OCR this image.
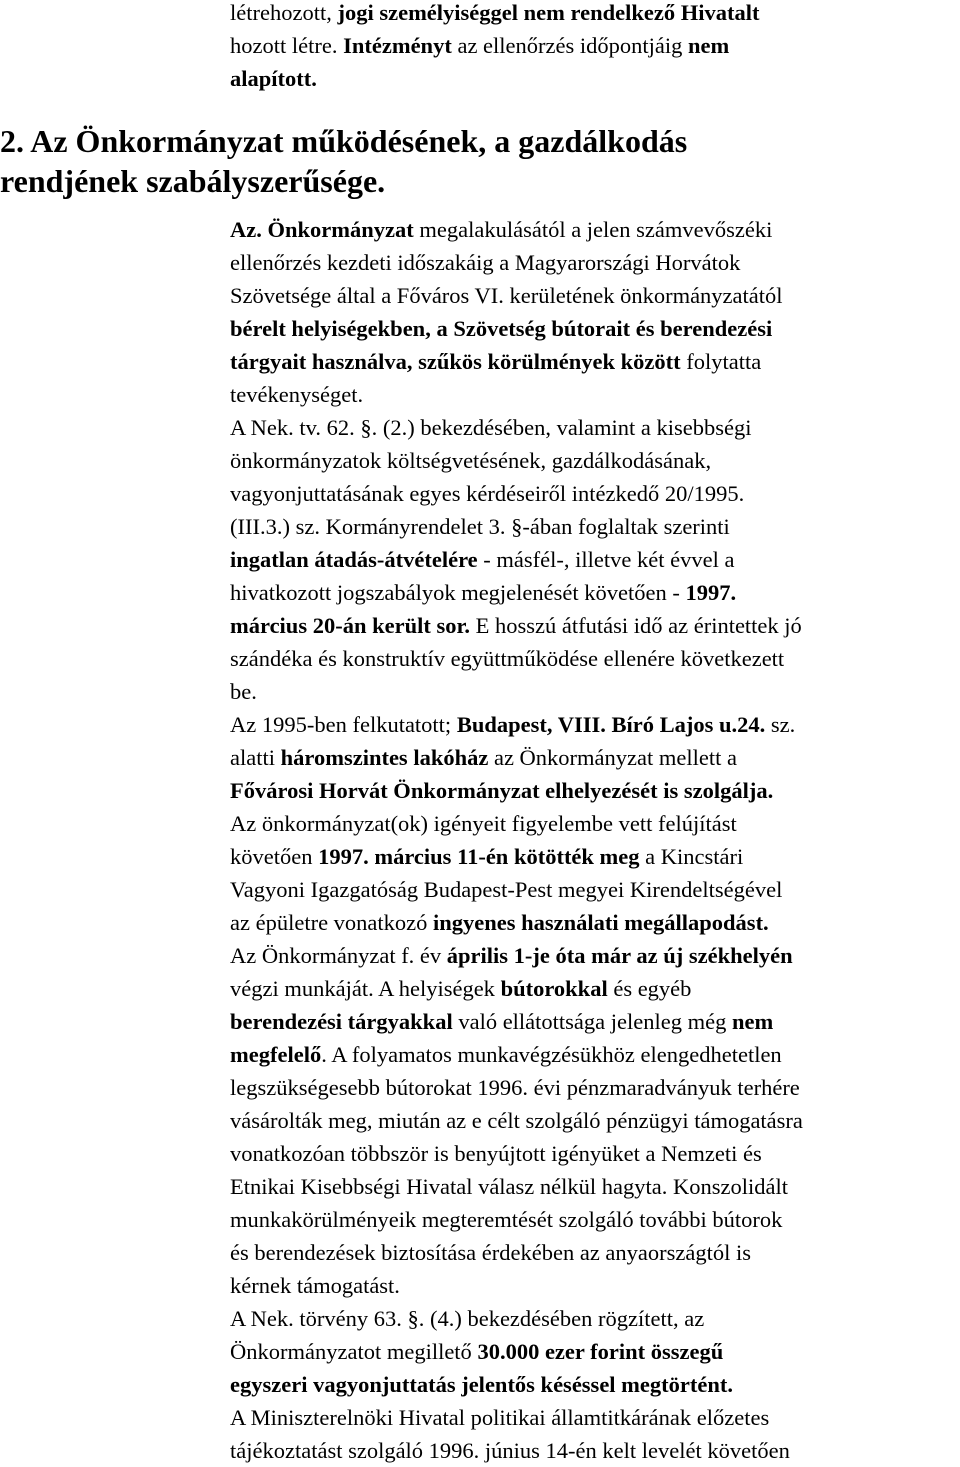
létrehozott, jogi személyiséggel nem rendelkező Hivatalt
hozott létre. Intézményt az ellenőrzés időpontjáig nem
alapított.
2. Az Önkormányzat működésének, a gazdálkodás
rendjének szabályszerűsége.
Az. Önkormányzat megalakulásától a jelen számvevőszéki
ellenőrzés kezdeti időszakáig a Magyarországi Horvátok
Szövetsége által a Főváros VI. kerületének önkormányzatától
bérelt helyiségekben, a Szövetség bútorait és berendezési
tárgyait használva, szűkös körülmények között folytatta
tevékenységet.
A Nek. tv. 62. §. (2.) bekezdésében, valamint a kisebbségi
önkormányzatok költségvetésének, gazdálkodásának,
vagyonjuttatásának egyes kérdéseiről intézkedő 20/1995.
(III.3.) sz. Kormányrendelet 3. §-ában foglaltak szerinti
ingatlan átadás-átvételére - másfél-, illetve két évvel a
hivatkozott jogszabályok megjelenését követően - 1997.
március 20-án került sor. E hosszú átfutási idő az érintettek jó
szándéka és konstruktív együttműködése ellenére következett
be.
Az 1995-ben felkutatott; Budapest, VIII. Bíró Lajos u.24. sz.
alatti háromszintes lakóház az Önkormányzat mellett a
Fővárosi Horvát Önkormányzat elhelyezését is szolgálja.
Az önkormányzat(ok) igényeit figyelembe vett felújítást
követően 1997. március 11-én kötötték meg a Kincstári
Vagyoni Igazgatóság Budapest-Pest megyei Kirendeltségével
az épületre vonatkozó ingyenes használati megállapodást.
Az Önkormányzat f. év április 1-je óta már az új székhelyén
végzi munkáját. A helyiségek bútorokkal és egyéb
berendezési tárgyakkal való ellátottsága jelenleg még nem
megfelelő. A folyamatos munkavégzésükhöz elengedhetetlen
legszükségesebb bútorokat 1996. évi pénzmaradványuk terhére
vásárolták meg, miután az e célt szolgáló pénzügyi támogatásra
vonatkozóan többször is benyújtott igényüket a Nemzeti és
Etnikai Kisebbségi Hivatal válasz nélkül hagyta. Konszolidált
munkakörülményeik megteremtését szolgáló további bútorok
és berendezések biztosítása érdekében az anyaországtól is
kérnek támogatást.
A Nek. törvény 63. §. (4.) bekezdésében rögzített, az
Önkormányzatot megillető 30.000 ezer forint összegű
egyszeri vagyonjuttatás jelentős késéssel megtörtént.
A Miniszterelnöki Hivatal politikai államtitkárának előzetes
tájékoztatást szolgáló 1996. június 14-én kelt levelét követően
